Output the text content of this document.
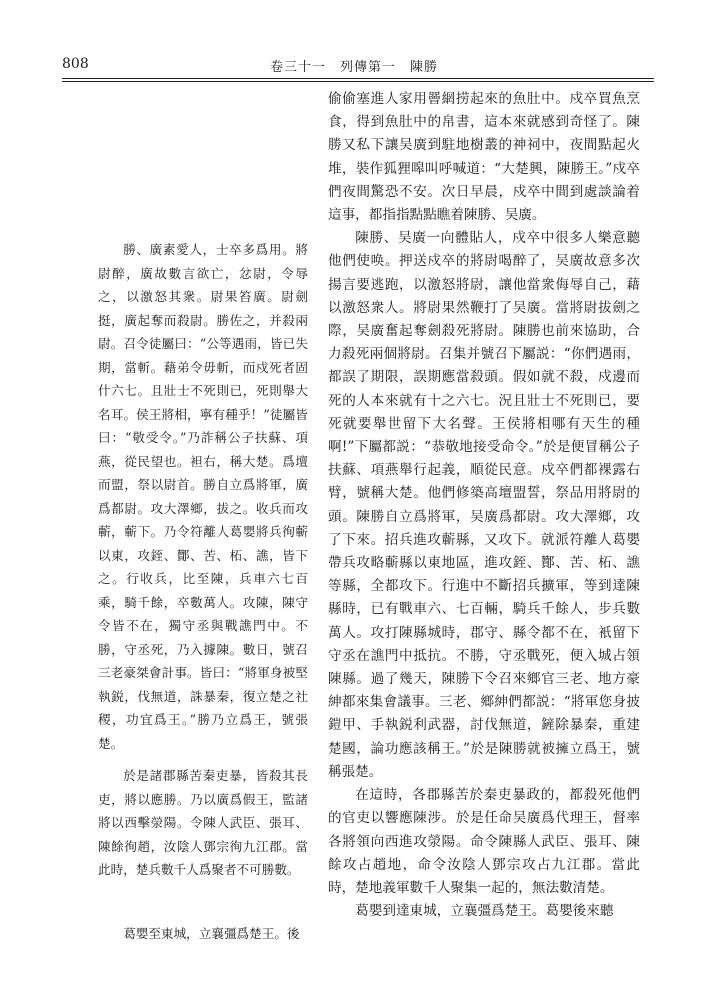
808	卷三十一　列傳第一　陳勝

勝、廣素愛人，士卒多爲用。將尉醉，廣故數言欲亡，忿尉，令辱之，以激怒其衆。尉果笞廣。尉劍挺，廣起奪而殺尉。勝佐之，并殺兩尉。召令徒屬曰：“公等遇雨，皆已失期，當斬。藉弟令毋斬，而戍死者固什六七。且壯士不死則已，死則舉大名耳。侯王將相，寧有種乎！”徒屬皆曰：“敬受令。”乃詐稱公子扶蘇、項燕，從民望也。袒右，稱大楚。爲壇而盟，祭以尉首。勝自立爲將軍，廣爲都尉。攻大澤鄉，拔之。收兵而攻蘄，蘄下。乃令符離人葛嬰將兵徇蘄以東，攻銍、酇、苦、柘、譙，皆下之。行收兵，比至陳，兵車六七百乘，騎千餘，卒數萬人。攻陳，陳守令皆不在，獨守丞與戰譙門中。不勝，守丞死，乃入據陳。數日，號召三老豪桀會計事。皆曰：“將軍身被堅執鋭，伐無道，誅暴秦，復立楚之社稷，功宜爲王。”勝乃立爲王，號張楚。

於是諸郡縣苦秦吏暴，皆殺其長吏，將以應勝。乃以廣爲假王，監諸將以西擊滎陽。令陳人武臣、張耳、陳餘徇趙，汝陰人鄧宗徇九江郡。當此時，楚兵數千人爲聚者不可勝數。

葛嬰至東城，立襄彊爲楚王。後

偷偷塞進人家用罾網捞起來的魚肚中。戍卒買魚烹食，得到魚肚中的帛書，這本來就感到奇怪了。陳勝又私下讓吴廣到駐地樹叢的神祠中，夜間點起火堆，裝作狐狸嗥叫呼喊道：“大楚興，陳勝王。”戍卒們夜間驚恐不安。次日早晨，戍卒中間到處談論着這事，都指指點點瞧着陳勝、吴廣。

陳勝、吴廣一向體貼人，戍卒中很多人樂意聽他們使唤。押送戍卒的將尉喝醉了，吴廣故意多次揚言要逃跑，以激怒將尉，讓他當衆侮辱自己，藉以激怒衆人。將尉果然鞭打了吴廣。當將尉拔劍之際，吴廣奮起奪劍殺死將尉。陳勝也前來協助，合力殺死兩個將尉。召集并號召下屬説：“你們遇雨，都誤了期限，誤期應當殺頭。假如就不殺，戍邊而死的人本來就有十之六七。況且壯士不死則已，要死就要舉世留下大名聲。王侯將相哪有天生的種啊!”下屬都説：“恭敬地接受命令。”於是便冒稱公子扶蘇、項燕舉行起義，順從民意。戍卒們都裸露右臂，號稱大楚。他們修築高壇盟誓，祭品用將尉的頭。陳勝自立爲將軍，吴廣爲都尉。攻大澤鄉，攻了下來。招兵進攻蘄縣，又攻下。就派符離人葛嬰帶兵攻略蘄縣以東地區，進攻銍、酇、苦、柘、譙等縣，全都攻下。行進中不斷招兵擴軍，等到達陳縣時，已有戰車六、七百輛，騎兵千餘人，步兵數萬人。攻打陳縣城時，郡守、縣令都不在，衹留下守丞在譙門中抵抗。不勝，守丞戰死，便入城占領陳縣。過了幾天，陳勝下令召來鄉官三老、地方豪紳都來集會議事。三老、鄉紳們都説：“將軍您身披鎧甲、手執鋭利武器，討伐無道，鏟除暴秦，重建楚國，論功應該稱王。”於是陳勝就被擁立爲王，號稱張楚。

在這時，各郡縣苦於秦吏暴政的，都殺死他們的官吏以響應陳涉。於是任命吴廣爲代理王，督率各將領向西進攻滎陽。命令陳縣人武臣、張耳、陳餘攻占趙地，命令汝陰人鄧宗攻占九江郡。當此時，楚地義軍數千人聚集一起的，無法數清楚。

葛嬰到達東城，立襄彊爲楚王。葛嬰後來聽
